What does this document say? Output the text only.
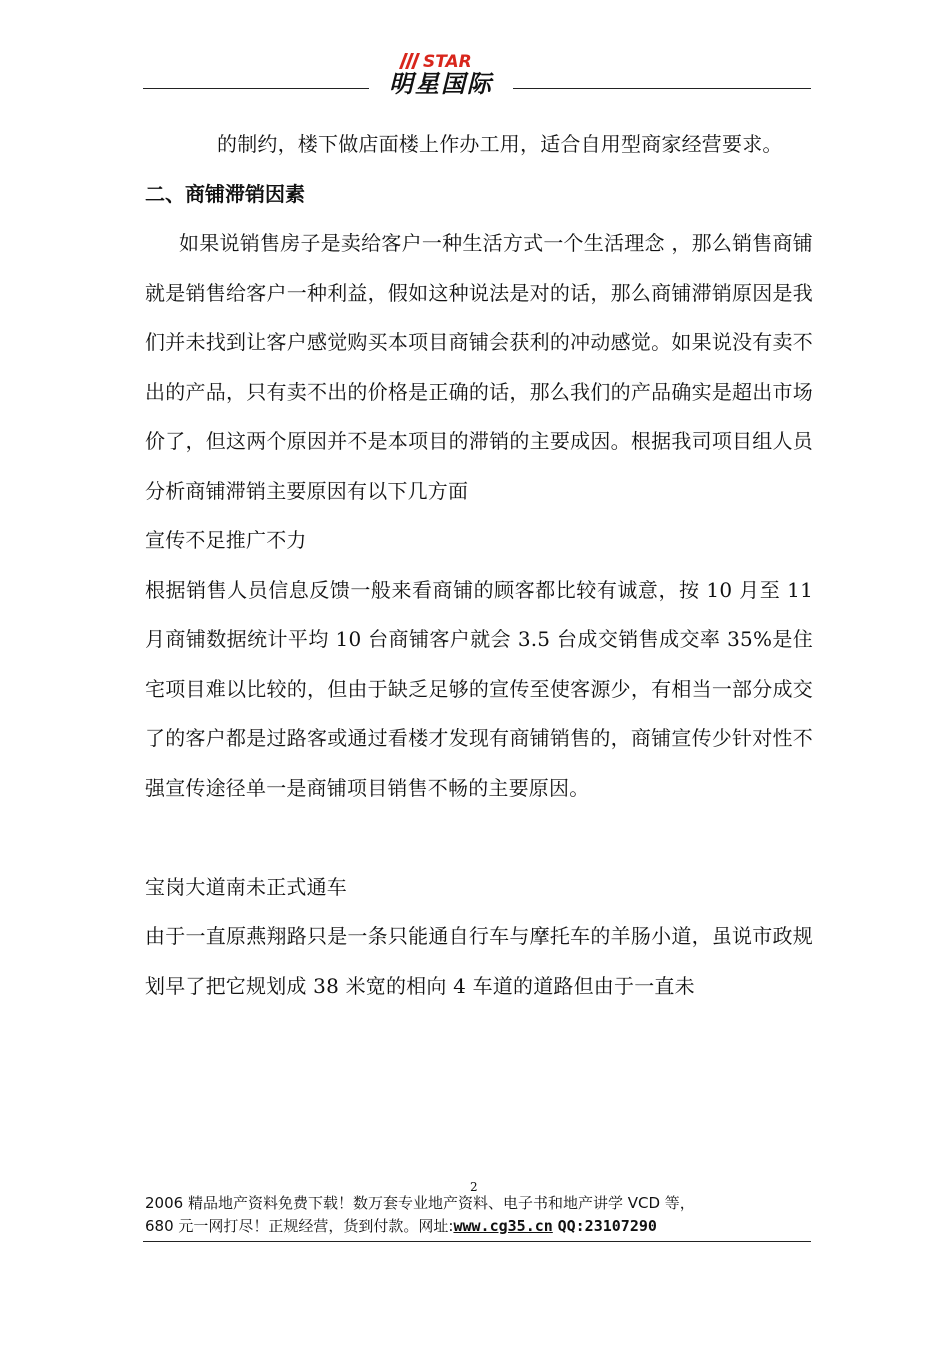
STAR
明星国际

的制约，楼下做店面楼上作办工用，适合自用型商家经营要求。

二、商铺滞销因素

如果说销售房子是卖给客户一种生活方式一个生活理念 ，那么销售商铺就是销售给客户一种利益，假如这种说法是对的话，那么商铺滞销原因是我们并未找到让客户感觉购买本项目商铺会获利的冲动感觉。如果说没有卖不出的产品，只有卖不出的价格是正确的话，那么我们的产品确实是超出市场价了，但这两个原因并不是本项目的滞销的主要成因。根据我司项目组人员分析商铺滞销主要原因有以下几方面

宣传不足推广不力

根据销售人员信息反馈一般来看商铺的顾客都比较有诚意，按 10 月至 11 月商铺数据统计平均 10 台商铺客户就会 3.5 台成交销售成交率 35%是住宅项目难以比较的，但由于缺乏足够的宣传至使客源少，有相当一部分成交了的客户都是过路客或通过看楼才发现有商铺销售的，商铺宣传少针对性不强宣传途径单一是商铺项目销售不畅的主要原因。

宝岗大道南未正式通车

由于一直原燕翔路只是一条只能通自行车与摩托车的羊肠小道，虽说市政规划早了把它规划成 38 米宽的相向 4 车道的道路但由于一直未

2
2006 精品地产资料免费下载！数万套专业地产资料、电子书和地产讲学 VCD 等，
680 元一网打尽！正规经营，货到付款。网址:www.cg35.cn QQ:23107290
